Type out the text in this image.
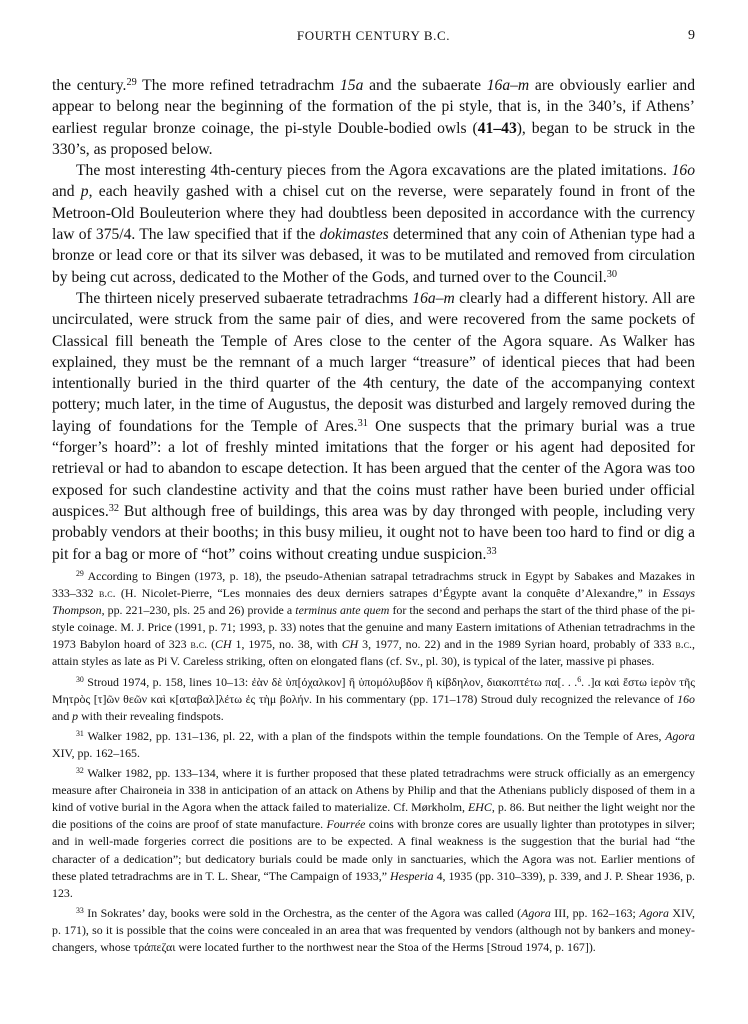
FOURTH CENTURY B.C.	9

the century.$^{29}$ The more refined tetradrachm 15a and the subaerate 16a–m are obviously earlier and appear to belong near the beginning of the formation of the pi style, that is, in the 340’s, if Athens’ earliest regular bronze coinage, the pi-style Double-bodied owls (41–43), began to be struck in the 330’s, as proposed below.

The most interesting 4th-century pieces from the Agora excavations are the plated imitations. 16o and p, each heavily gashed with a chisel cut on the reverse, were separately found in front of the Metroon-Old Bouleuterion where they had doubtless been deposited in accordance with the currency law of 375/4. The law specified that if the dokimastes determined that any coin of Athenian type had a bronze or lead core or that its silver was debased, it was to be mutilated and removed from circulation by being cut across, dedicated to the Mother of the Gods, and turned over to the Council.$^{30}$

The thirteen nicely preserved subaerate tetradrachms 16a–m clearly had a different history. All are uncirculated, were struck from the same pair of dies, and were recovered from the same pockets of Classical fill beneath the Temple of Ares close to the center of the Agora square. As Walker has explained, they must be the remnant of a much larger “treasure” of identical pieces that had been intentionally buried in the third quarter of the 4th century, the date of the accompanying context pottery; much later, in the time of Augustus, the deposit was disturbed and largely removed during the laying of foundations for the Temple of Ares.$^{31}$ One suspects that the primary burial was a true “forger’s hoard”: a lot of freshly minted imitations that the forger or his agent had deposited for retrieval or had to abandon to escape detection. It has been argued that the center of the Agora was too exposed for such clandestine activity and that the coins must rather have been buried under official auspices.$^{32}$ But although free of buildings, this area was by day thronged with people, including very probably vendors at their booths; in this busy milieu, it ought not to have been too hard to find or dig a pit for a bag or more of “hot” coins without creating undue suspicion.$^{33}$

$^{29}$ According to Bingen (1973, p. 18), the pseudo-Athenian satrapal tetradrachms struck in Egypt by Sabakes and Mazakes in 333–332 b.c. (H. Nicolet-Pierre, “Les monnaies des deux derniers satrapes d’Égypte avant la conquête d’Alexandre,” in Essays Thompson, pp. 221–230, pls. 25 and 26) provide a terminus ante quem for the second and perhaps the start of the third phase of the pi-style coinage. M. J. Price (1991, p. 71; 1993, p. 33) notes that the genuine and many Eastern imitations of Athenian tetradrachms in the 1973 Babylon hoard of 323 b.c. (CH 1, 1975, no. 38, with CH 3, 1977, no. 22) and in the 1989 Syrian hoard, probably of 333 b.c., attain styles as late as Pi V. Careless striking, often on elongated flans (cf. Sv., pl. 30), is typical of the later, massive pi phases.

$^{30}$ Stroud 1974, p. 158, lines 10–13: ἐὰν δὲ ὑπ[όχαλκον] ἢ ὑπομόλυβδον ἢ κίβδηλον, διακοπτέτω πα[. . .$^6$. .]α καὶ ἔστω ἱερὸν τῆς Μητρὸς [τ]ῶν θεῶν καὶ κ[αταβαλ]λέτω ἐς τὴμ βολήν. In his commentary (pp. 171–178) Stroud duly recognized the relevance of 16o and p with their revealing findspots.

$^{31}$ Walker 1982, pp. 131–136, pl. 22, with a plan of the findspots within the temple foundations. On the Temple of Ares, Agora XIV, pp. 162–165.

$^{32}$ Walker 1982, pp. 133–134, where it is further proposed that these plated tetradrachms were struck officially as an emergency measure after Chaironeia in 338 in anticipation of an attack on Athens by Philip and that the Athenians publicly disposed of them in a kind of votive burial in the Agora when the attack failed to materialize. Cf. Mørkholm, EHC, p. 86. But neither the light weight nor the die positions of the coins are proof of state manufacture. Fourrée coins with bronze cores are usually lighter than prototypes in silver; and in well-made forgeries correct die positions are to be expected. A final weakness is the suggestion that the burial had “the character of a dedication”; but dedicatory burials could be made only in sanctuaries, which the Agora was not. Earlier mentions of these plated tetradrachms are in T. L. Shear, “The Campaign of 1933,” Hesperia 4, 1935 (pp. 310–339), p. 339, and J. P. Shear 1936, p. 123.

$^{33}$ In Sokrates’ day, books were sold in the Orchestra, as the center of the Agora was called (Agora III, pp. 162–163; Agora XIV, p. 171), so it is possible that the coins were concealed in an area that was frequented by vendors (although not by bankers and money-changers, whose τράπεζαι were located further to the northwest near the Stoa of the Herms [Stroud 1974, p. 167]).
